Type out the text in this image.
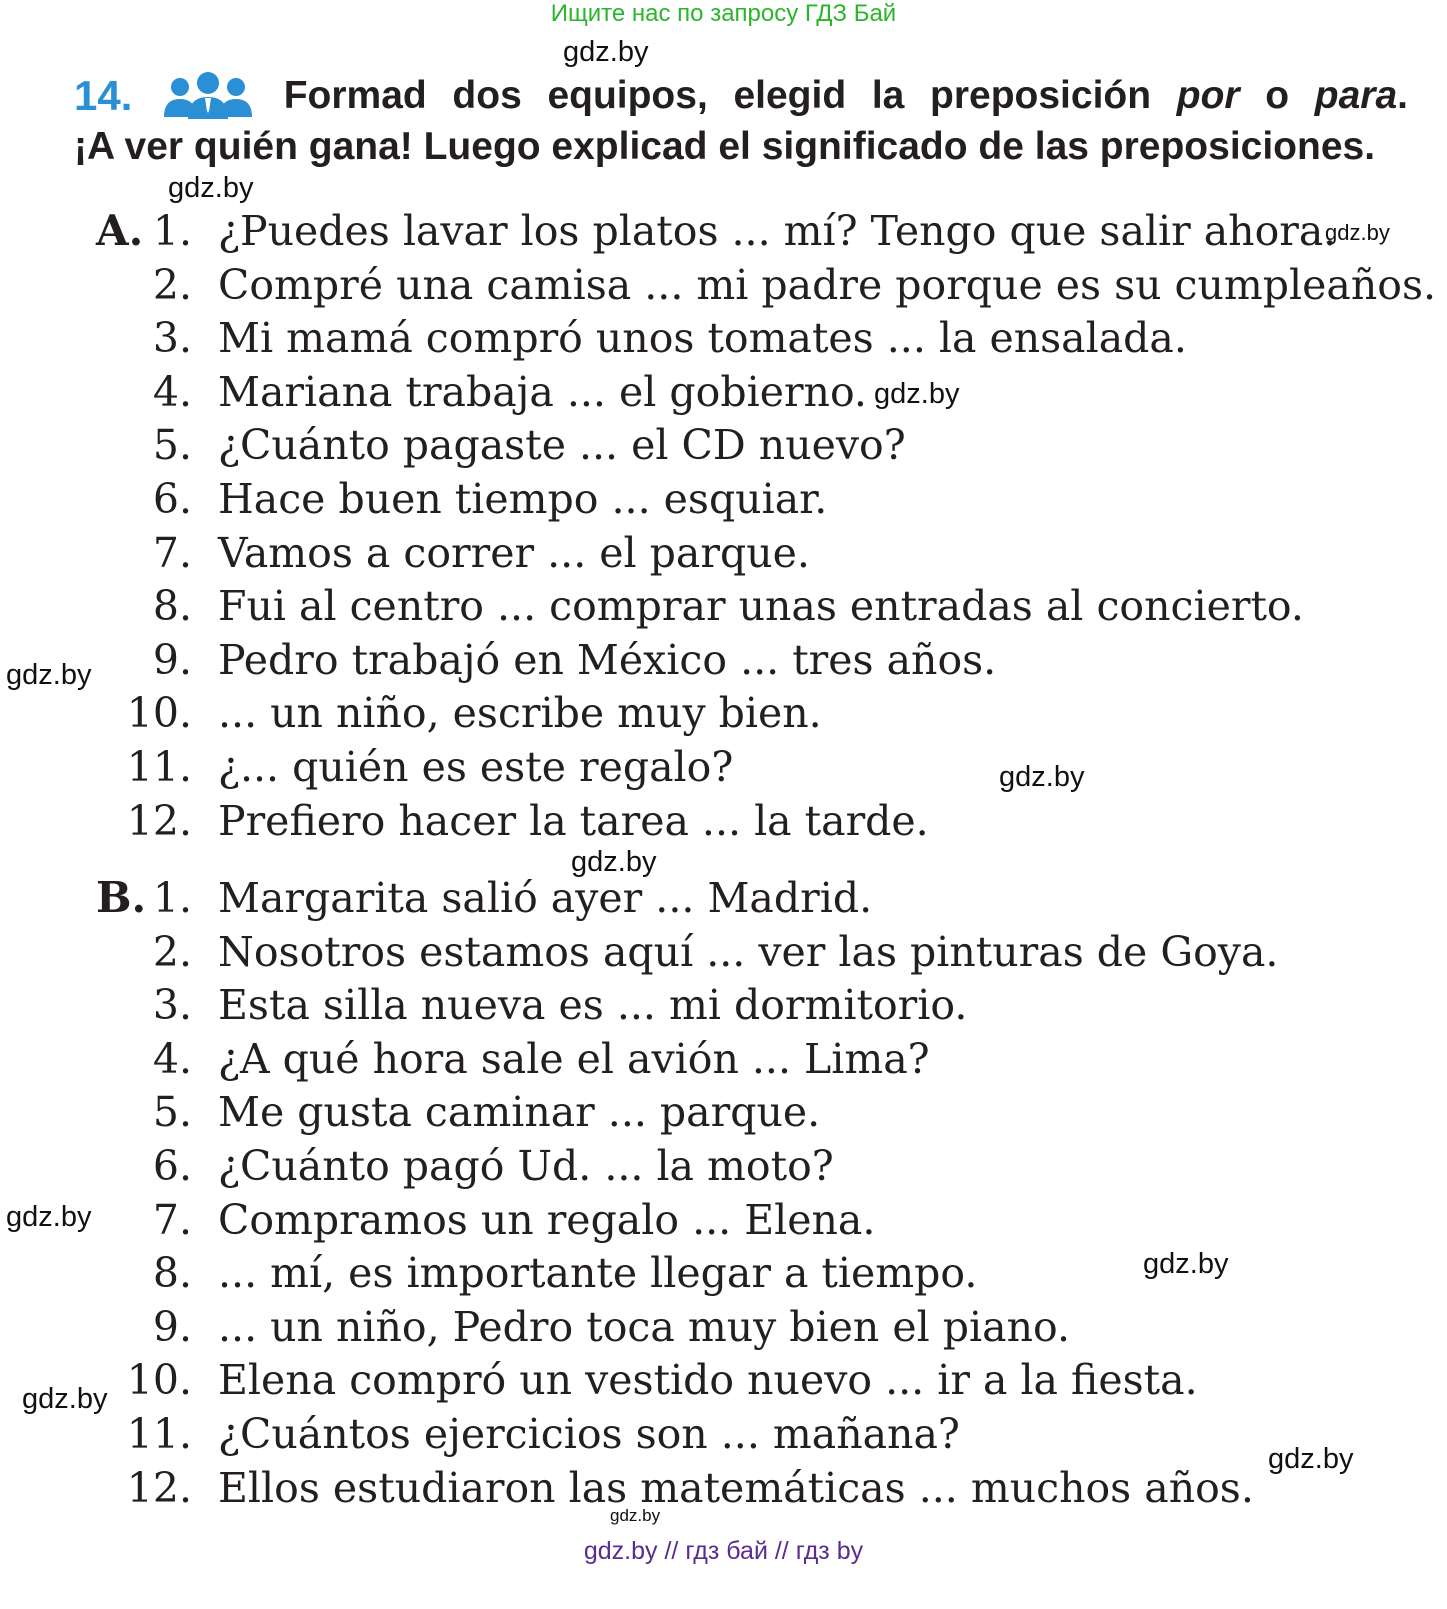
Ищите нас по запросу ГДЗ Бай
gdz.by
gdz.by
gdz.by
gdz.by
gdz.by
gdz.by
gdz.by
gdz.by
gdz.by
gdz.by
gdz.by
gdz.by
14.	Formad dos equipos, elegid la preposición por o para.
¡A ver quién gana! Luego explicad el significado de las preposiciones.
A. 1. ¿Puedes lavar los platos ... mí? Tengo que salir ahora.
2. Compré una camisa ... mi padre porque es su cumpleaños.
3. Mi mamá compró unos tomates ... la ensalada.
4. Mariana trabaja ... el gobierno.
5. ¿Cuánto pagaste ... el CD nuevo?
6. Hace buen tiempo ... esquiar.
7. Vamos a correr ... el parque.
8. Fui al centro ... comprar unas entradas al concierto.
9. Pedro trabajó en México ... tres años.
10. ... un niño, escribe muy bien.
11. ¿... quién es este regalo?
12. Prefiero hacer la tarea ... la tarde.
B. 1. Margarita salió ayer ... Madrid.
2. Nosotros estamos aquí ... ver las pinturas de Goya.
3. Esta silla nueva es ... mi dormitorio.
4. ¿A qué hora sale el avión ... Lima?
5. Me gusta caminar ... parque.
6. ¿Cuánto pagó Ud. ... la moto?
7. Compramos un regalo ... Elena.
8. ... mí, es importante llegar a tiempo.
9. ... un niño, Pedro toca muy bien el piano.
10. Elena compró un vestido nuevo ... ir a la fiesta.
11. ¿Cuántos ejercicios son ... mañana?
12. Ellos estudiaron las matemáticas ... muchos años.
gdz.by // гдз бай // гдз by
